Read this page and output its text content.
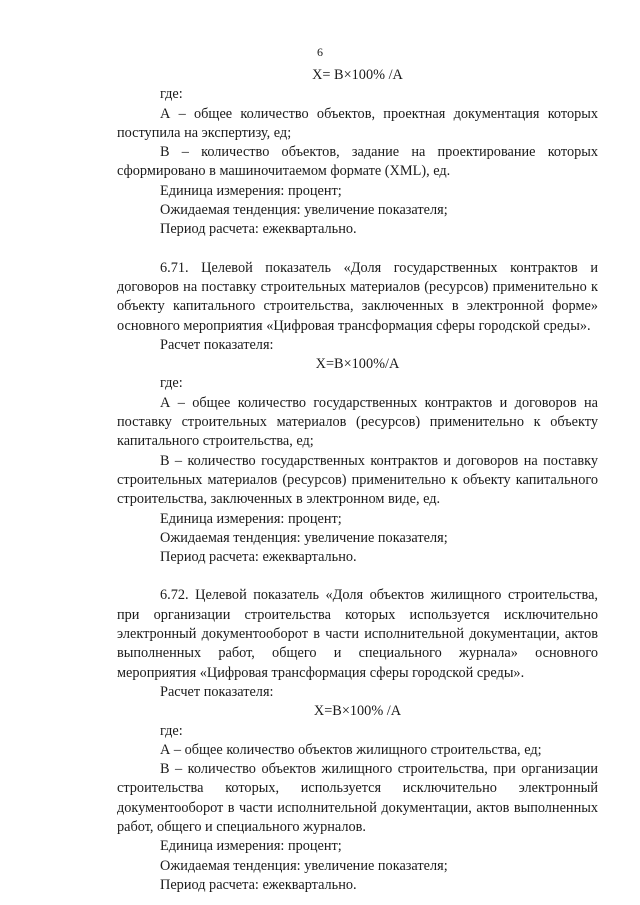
6

X= B×100% /A

где:

А – общее количество объектов, проектная документация которых поступила на экспертизу, ед;

В – количество объектов, задание на проектирование которых сформировано в машиночитаемом формате (XML), ед.

Единица измерения: процент;

Ожидаемая тенденция: увеличение показателя;

Период расчета: ежеквартально.

6.71. Целевой показатель «Доля государственных контрактов и договоров на поставку строительных материалов (ресурсов) применительно к объекту капитального строительства, заключенных в электронной форме» основного мероприятия «Цифровая трансформация сферы городской среды».

Расчет показателя:

X=B×100%/A

где:

А – общее количество государственных контрактов и договоров на поставку строительных материалов (ресурсов) применительно к объекту капитального строительства, ед;

В – количество государственных контрактов и договоров на поставку строительных материалов (ресурсов) применительно к объекту капитального строительства, заключенных в электронном виде, ед.

Единица измерения: процент;

Ожидаемая тенденция: увеличение показателя;

Период расчета: ежеквартально.

6.72. Целевой показатель «Доля объектов жилищного строительства, при организации строительства которых используется исключительно электронный документооборот в части исполнительной документации, актов выполненных работ, общего и специального журнала» основного мероприятия «Цифровая трансформация сферы городской среды».

Расчет показателя:

X=B×100% /A

где:

А – общее количество объектов жилищного строительства, ед;

В – количество объектов жилищного строительства, при организации строительства которых, используется исключительно электронный документооборот в части исполнительной документации, актов выполненных работ, общего и специального журналов.

Единица измерения: процент;

Ожидаемая тенденция: увеличение показателя;

Период расчета: ежеквартально.
